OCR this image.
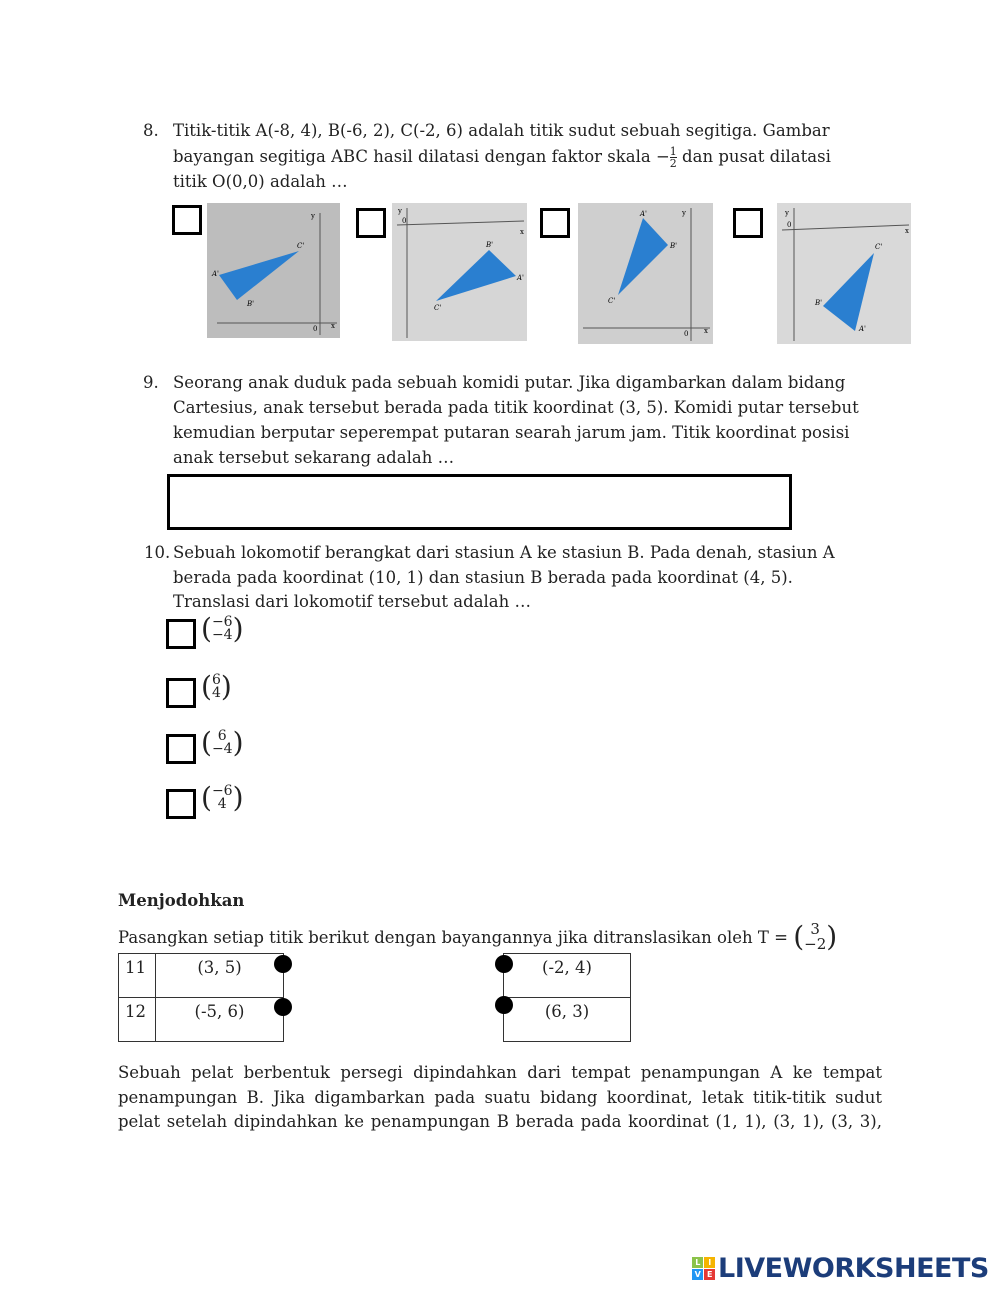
8. Titik-titik A(-8, 4), B(-6, 2), C(-2, 6) adalah titik sudut sebuah segitiga. Gambar
bayangan segitiga ABC hasil dilatasi dengan faktor skala − $\frac{1}{2}$ dan pusat dilatasi
titik O(0,0) adalah …
A'
B'
C'
y
x
0
A'
B'
C'
y
x
0
A'
B'
C'
y
x
0
A'
B'
C'
y
x
0
9. Seorang anak duduk pada sebuah komidi putar. Jika digambarkan dalam bidang
Cartesius, anak tersebut berada pada titik koordinat (3, 5). Komidi putar tersebut
kemudian berputar seperempat putaran searah jarum jam. Titik koordinat posisi
anak tersebut sekarang adalah …
10. Sebuah lokomotif berangkat dari stasiun A ke stasiun B. Pada denah, stasiun A
berada pada koordinat (10, 1) dan stasiun B berada pada koordinat (4, 5).
Translasi dari lokomotif tersebut adalah …
( −6
−4 )
( 6
4 )
( 6
−4 )
( −6
4 )
Menjodohkan
Pasangkan setiap titik berikut dengan bayangannya jika ditranslasikan oleh T =
( 3
−2 )
11	(3, 5)
12	(-5, 6)
(-2, 4)
(6, 3)
Sebuah pelat berbentuk persegi dipindahkan dari tempat penampungan A ke tempat
penampungan B. Jika digambarkan pada suatu bidang koordinat, letak titik-titik sudut
pelat setelah dipindahkan ke penampungan B berada pada koordinat (1, 1), (3, 1), (3, 3),
L	I
V E LIVEWORKSHEETS
